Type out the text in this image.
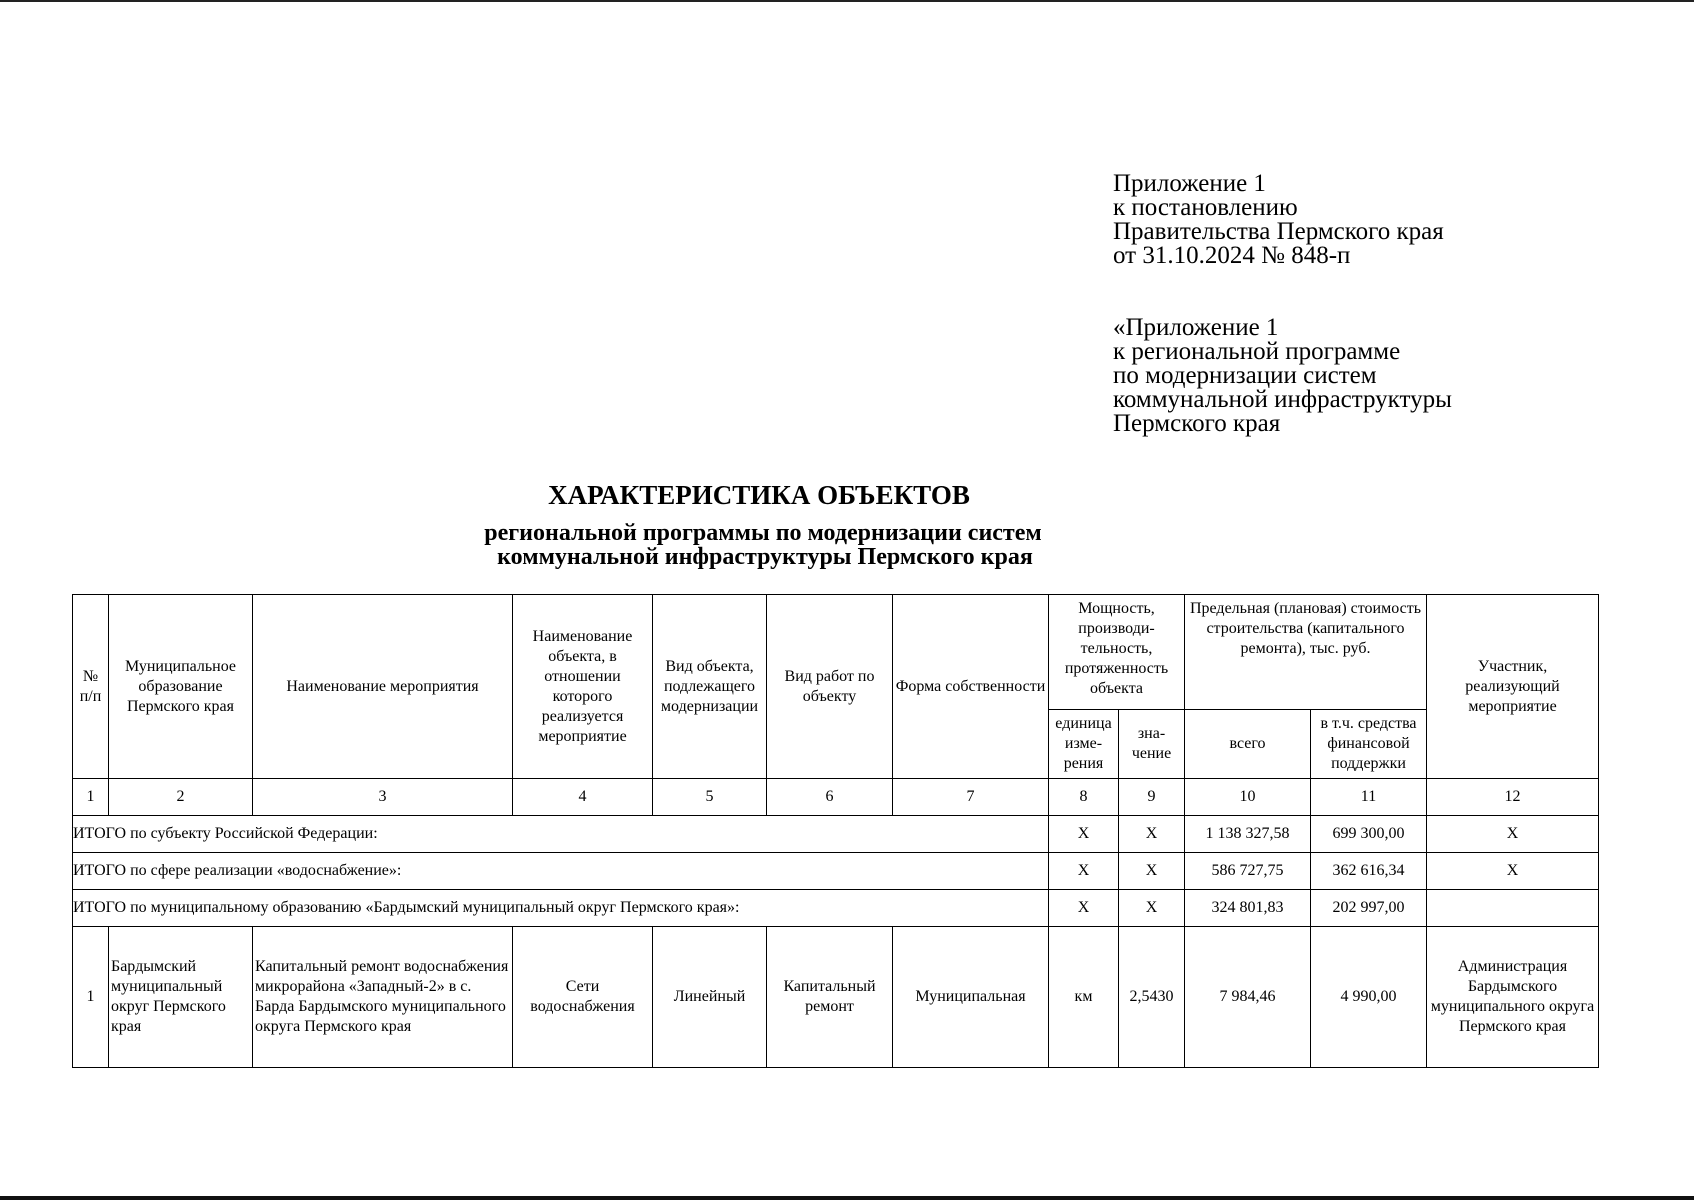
Приложение 1
к постановлению
Правительства Пермского края
от 31.10.2024 № 848-п
«Приложение 1
к региональной программе
по модернизации систем
коммунальной инфраструктуры
Пермского края
ХАРАКТЕРИСТИКА ОБЪЕКТОВ
региональной программы по модернизации систем
коммунальной инфраструктуры Пермского края
№ п/п	Муниципальное образование Пермского края	Наименование мероприятия	Наименование объекта, в отношении которого реализуется мероприятие	Вид объекта, подлежащего модернизации	Вид работ по объекту	Форма собственности	Мощность, производи-тельность, протяженность объекта		Предельная (плановая) стоимость строительства (капитального ремонта), тыс. руб.		Участник, реализующий мероприятие
							единица изме-рения	зна-чение	всего	в т.ч. средства финансовой поддержки	
1	2	3	4	5	6	7	8	9	10	11	12
ИТОГО по субъекту Российской Федерации:							Х	Х	1 138 327,58	699 300,00	Х
ИТОГО по сфере реализации «водоснабжение»:							Х	Х	586 727,75	362 616,34	Х
ИТОГО по муниципальному образованию «Бардымский муниципальный округ Пермского края»:							Х	Х	324 801,83	202 997,00	
1	Бардымский муниципальный округ Пермского края	Капитальный ремонт водоснабжения микрорайона «Западный-2» в с. Барда Бардымского муниципального округа Пермского края	Сети водоснабжения	Линейный	Капитальный ремонт	Муниципальная	км	2,5430	7 984,46	4 990,00	Администрация Бардымского муниципального округа Пермского края
